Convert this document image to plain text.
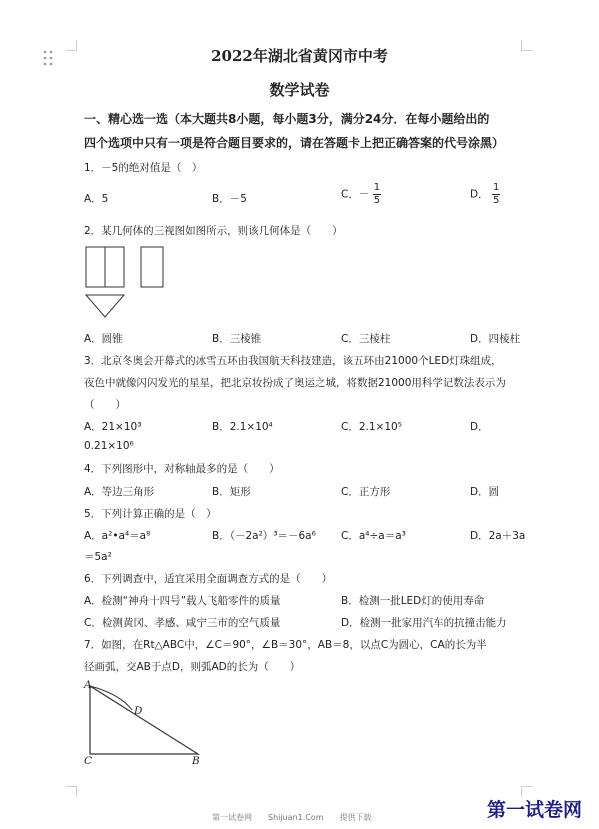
2022年湖北省黄冈市中考
数学试卷
一、精心选一选（本大题共8小题，每小题3分，满分24分．在每小题给出的
四个选项中只有一项是符合题目要求的，请在答题卡上把正确答案的代号涂黑）
1．－5的绝对值是（　）
A．5	B．－5	C．－ $\frac{1}{5}$	D． $\frac{1}{5}$
2．某几何体的三视图如图所示，则该几何体是（　　）
A．圆锥	B．三棱锥	C．三棱柱	D．四棱柱
3．北京冬奥会开幕式的冰雪五环由我国航天科技建造，该五环由21000个LED灯珠组成，
夜色中就像闪闪发光的星星，把北京妆扮成了奥运之城，将数据21000用科学记数法表示为
（　　）
A．21×10³	B．2.1×10⁴	C．2.1×10⁵	D．
0.21×10⁶
4．下列图形中，对称轴最多的是（　　）
A．等边三角形	B．矩形	C．正方形	D．圆
5．下列计算正确的是（　）
A．a²•a⁴＝a⁸	B．（－2a²）³＝－6a⁶ C．a⁴÷a＝a³	D．2a＋3a
＝5a²
6．下列调查中，适宜采用全面调查方式的是（　　）
A．检测“神舟十四号”载人飞船零件的质量	B．检测一批LED灯的使用寿命
C．检测黄冈、孝感、咸宁三市的空气质量	D．检测一批家用汽车的抗撞击能力
7．如图，在Rt△ABC中，∠C＝90°，∠B＝30°，AB＝8，以点C为圆心，CA的长为半
径画弧，交AB于点D，则弧AD的长为（　　）
A
D
C	B
第一试卷网　　Shijuan1.Com　　提供下载	第一试卷网
